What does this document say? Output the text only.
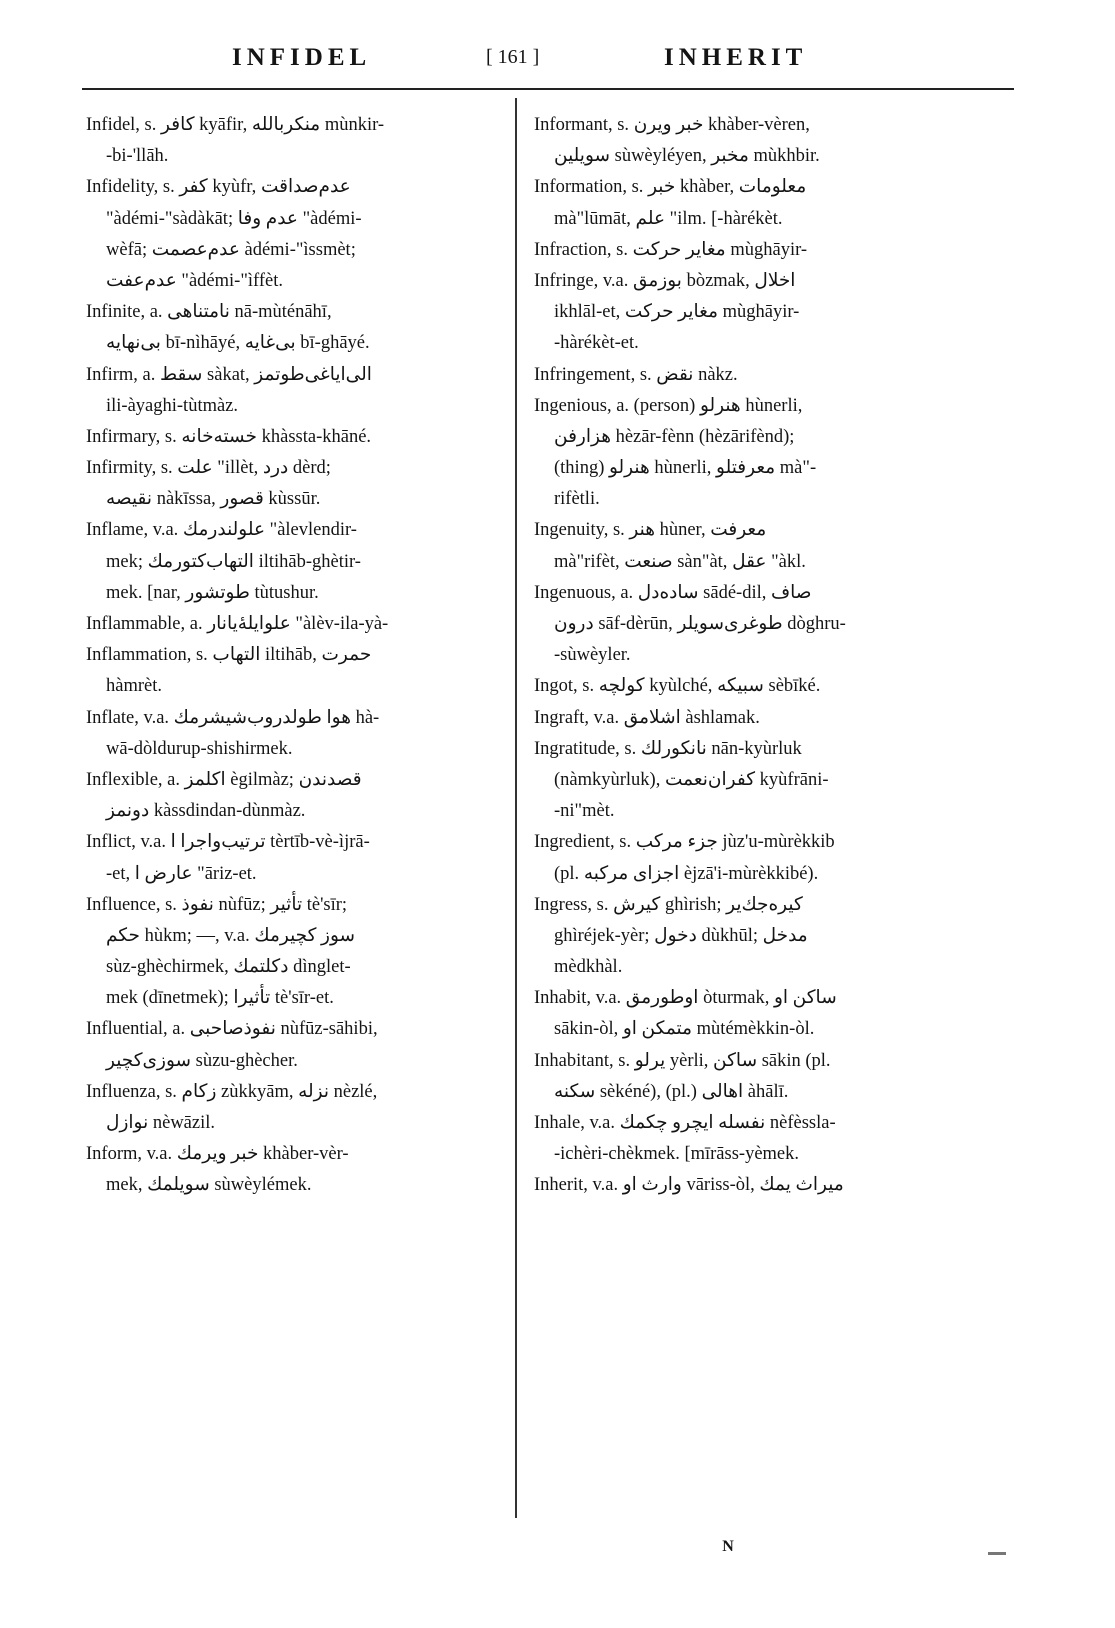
INFIDEL	[ 161 ]	INHERIT
Infidel, s. کافر kyāfir, منکربالله mùnkir-
-bi-'llāh.
Infidelity, s. کفر kyùfr, عدم‌صداقت
"àdémi-"sàdàkāt; عدم وفا "àdémi-
wèfā; عدم‌عصمت àdémi-"ìssmèt;
عدم‌عفت "àdémi-"ìffèt.
Infinite, a. نامتناهی nā-mùténāhī,
بی‌نهایه bī-nìhāyé, بی‌غایه bī-ghāyé.
Infirm, a. سقط sàkat, الی‌ایاغی‌طوتمز
ili-àyaghi-tùtmàz.
Infirmary, s. خسته‌خانه khàssta-khāné.
Infirmity, s. علت "illèt, درد dèrd;
نقیصه nàkīssa, قصور kùssūr.
Inflame, v.a. علولندرمك "àlevlendir-
mek; التهاب‌کتورمك iltihāb-ghètir-
mek. [nar, طوتشور tùtushur.
Inflammable, a. علوایلهٔ‌یانار "àlèv-ila-yà-
Inflammation, s. التهاب iltihāb, حمرت
hàmrèt.
Inflate, v.a. هوا طولدروب‌شیشرمك hà-
wā-dòldurup-shishirmek.
Inflexible, a. اکلمز ègilmàz; قصدندن
دونمز kàssdindan-dùnmàz.
Inflict, v.a. ترتیب‌واجرا ا tèrtīb-vè-ìjrā-
-et, عارض ا "āriz-et.
Influence, s. نفوذ nùfūz; تأثیر tè'sīr;
حکم hùkm; —, v.a. سوز کچیرمك
sùz-ghèchirmek, دکلتمك dìnglet-
mek (dīnetmek); تأثیرا tè'sīr-et.
Influential, a. نفوذصاحبی nùfūz-sāhibi,
سوزی‌کچیر sùzu-ghècher.
Influenza, s. زکام zùkkyām, نزله nèzlé,
نوازل nèwāzil.
Inform, v.a. خبر ویرمك khàber-vèr-
mek, سویلمك sùwèylémek.
Informant, s. خبر ویرن khàber-vèren,
سویلین sùwèyléyen, مخبر mùkhbir.
Information, s. خبر khàber, معلومات
mà"lūmāt, علم "ilm. [-hàrékèt.
Infraction, s. مغایر حرکت mùghāyir-
Infringe, v.a. بوزمق bòzmak, اخلال
ikhlāl-et, مغایر حرکت mùghāyir-
-hàrékèt-et.
Infringement, s. نقض nàkz.
Ingenious, a. (person) هنرلو hùnerli,
هزارفن hèzār-fènn (hèzārifènd);
(thing) هنرلو hùnerli, معرفتلو mà"-
rifètli.
Ingenuity, s. هنر hùner, معرفت
mà"rifèt, صنعت sàn"àt, عقل "àkl.
Ingenuous, a. ساده‌دل sādé-dil, صاف
درون sāf-dèrūn, طوغری‌سویلر dòghru-
-sùwèyler.
Ingot, s. کولچه kyùlché, سبیکه sèbīké.
Ingraft, v.a. اشلامق àshlamak.
Ingratitude, s. نانکورلك nān-kyùrluk
(nàmkyùrluk), کفران‌نعمت kyùfrāni-
-ni"mèt.
Ingredient, s. جزء مرکب jùz'u-mùrèkkib
(pl. اجزای مرکبه èjzā'i-mùrèkkibé).
Ingress, s. کیرش ghìrish; کیره‌جك‌یر
ghìréjek-yèr; دخول dùkhūl; مدخل
mèdkhàl.
Inhabit, v.a. اوطورمق òturmak, ساکن او
sākin-òl, متمکن او mùtémèkkin-òl.
Inhabitant, s. یرلو yèrli, ساکن sākin (pl.
سکنه sèkéné), (pl.) اهالی àhālī.
Inhale, v.a. نفسله ایچرو چکمك nèfèssla-
-ichèri-chèkmek. [mīrāss-yèmek.
Inherit, v.a. وارث او vāriss-òl, میراث یمك
N
